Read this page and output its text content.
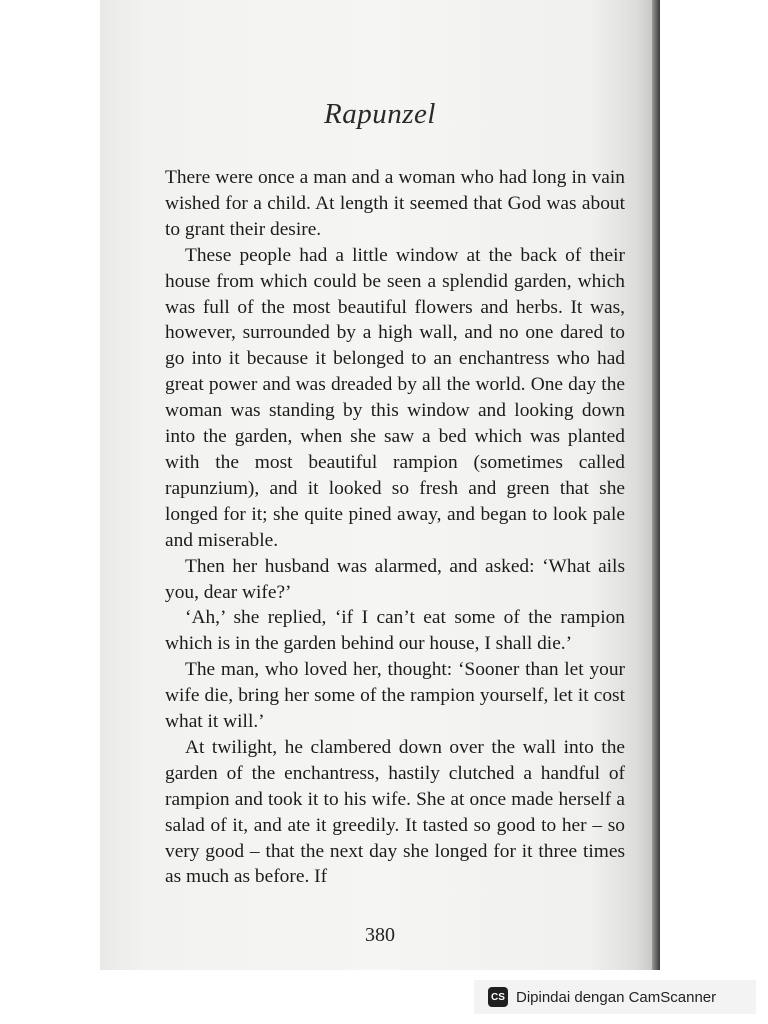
Rapunzel

There were once a man and a woman who had long in vain wished for a child. At length it seemed that God was about to grant their desire.

These people had a little window at the back of their house from which could be seen a splendid garden, which was full of the most beautiful flowers and herbs. It was, however, surrounded by a high wall, and no one dared to go into it because it belonged to an enchantress who had great power and was dreaded by all the world. One day the woman was standing by this window and looking down into the garden, when she saw a bed which was planted with the most beautiful rampion (sometimes called rapunzium), and it looked so fresh and green that she longed for it; she quite pined away, and began to look pale and miserable.

Then her husband was alarmed, and asked: ‘What ails you, dear wife?’

‘Ah,’ she replied, ‘if I can’t eat some of the rampion which is in the garden behind our house, I shall die.’

The man, who loved her, thought: ‘Sooner than let your wife die, bring her some of the rampion yourself, let it cost what it will.’

At twilight, he clambered down over the wall into the garden of the enchantress, hastily clutched a handful of rampion and took it to his wife. She at once made herself a salad of it, and ate it greedily. It tasted so good to her – so very good – that the next day she longed for it three times as much as before. If

380
CS Dipindai dengan CamScanner
